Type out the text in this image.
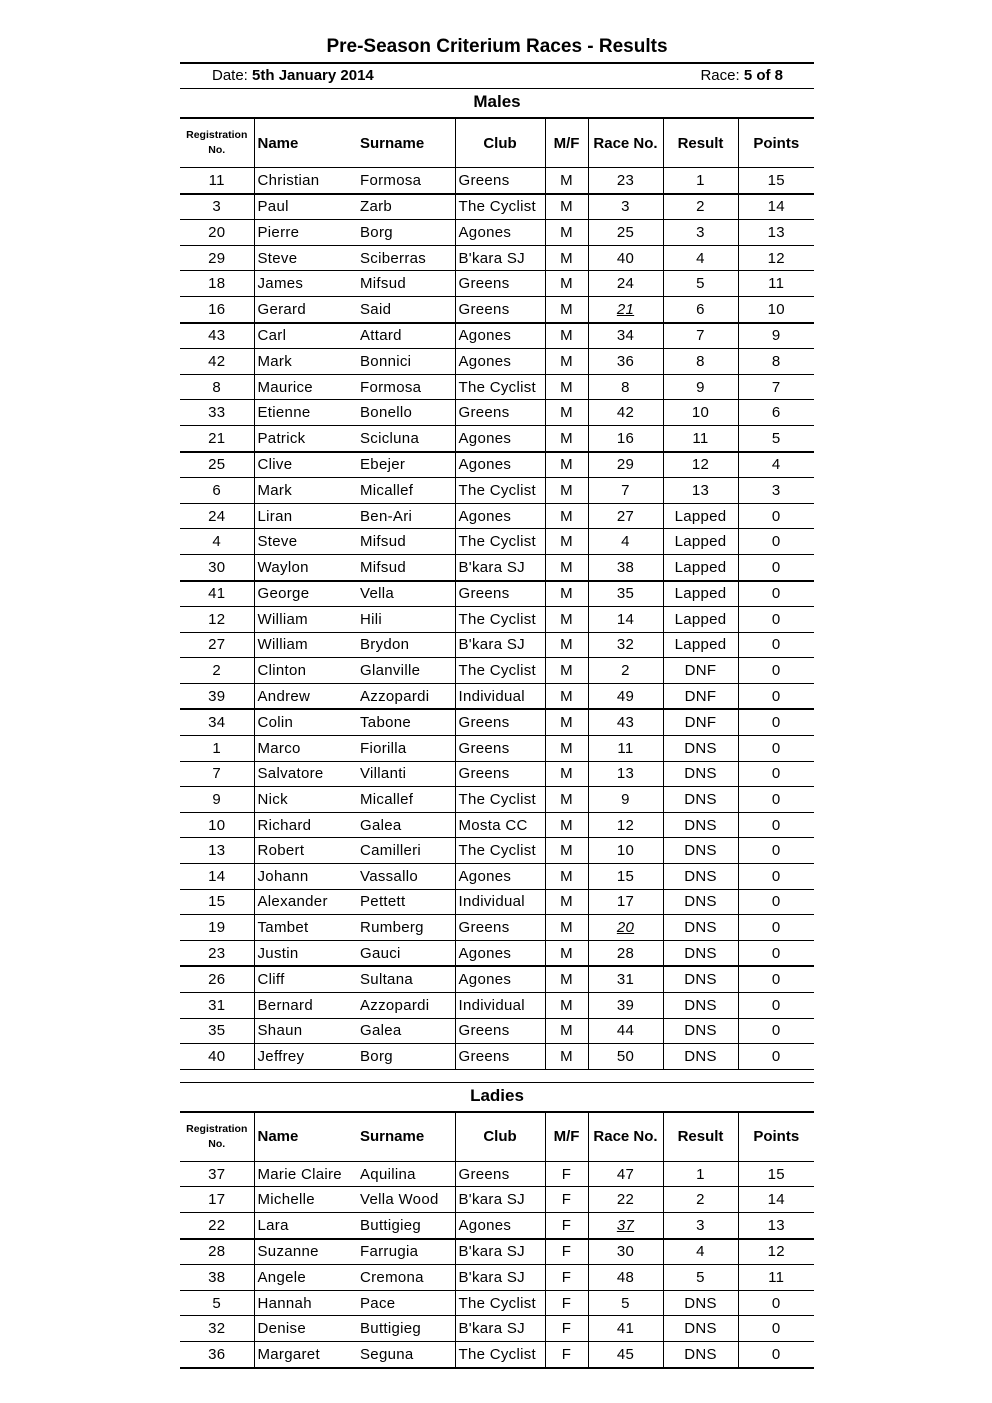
Pre-Season Criterium Races - Results
Date: 5th January 2014	Race: 5 of 8
Males
Registration
No.	Name	Surname	Club	M/F	Race No.	Result	Points
11	Christian	Formosa	Greens	M	23	1	15
3	Paul	Zarb	The Cyclist	M	3	2	14
20	Pierre	Borg	Agones	M	25	3	13
29	Steve	Sciberras	B'kara SJ	M	40	4	12
18	James	Mifsud	Greens	M	24	5	11
16	Gerard	Said	Greens	M	21	6	10
43	Carl	Attard	Agones	M	34	7	9
42	Mark	Bonnici	Agones	M	36	8	8
8	Maurice	Formosa	The Cyclist	M	8	9	7
33	Etienne	Bonello	Greens	M	42	10	6
21	Patrick	Scicluna	Agones	M	16	11	5
25	Clive	Ebejer	Agones	M	29	12	4
6	Mark	Micallef	The Cyclist	M	7	13	3
24	Liran	Ben-Ari	Agones	M	27	Lapped	0
4	Steve	Mifsud	The Cyclist	M	4	Lapped	0
30	Waylon	Mifsud	B'kara SJ	M	38	Lapped	0
41	George	Vella	Greens	M	35	Lapped	0
12	William	Hili	The Cyclist	M	14	Lapped	0
27	William	Brydon	B'kara SJ	M	32	Lapped	0
2	Clinton	Glanville	The Cyclist	M	2	DNF	0
39	Andrew	Azzopardi	Individual	M	49	DNF	0
34	Colin	Tabone	Greens	M	43	DNF	0
1	Marco	Fiorilla	Greens	M	11	DNS	0
7	Salvatore	Villanti	Greens	M	13	DNS	0
9	Nick	Micallef	The Cyclist	M	9	DNS	0
10	Richard	Galea	Mosta CC	M	12	DNS	0
13	Robert	Camilleri	The Cyclist	M	10	DNS	0
14	Johann	Vassallo	Agones	M	15	DNS	0
15	Alexander	Pettett	Individual	M	17	DNS	0
19	Tambet	Rumberg	Greens	M	20	DNS	0
23	Justin	Gauci	Agones	M	28	DNS	0
26	Cliff	Sultana	Agones	M	31	DNS	0
31	Bernard	Azzopardi	Individual	M	39	DNS	0
35	Shaun	Galea	Greens	M	44	DNS	0
40	Jeffrey	Borg	Greens	M	50	DNS	0
Ladies
Registration
No.	Name	Surname	Club	M/F	Race No.	Result	Points
37	Marie Claire	Aquilina	Greens	F	47	1	15
17	Michelle	Vella Wood	B'kara SJ	F	22	2	14
22	Lara	Buttigieg	Agones	F	37	3	13
28	Suzanne	Farrugia	B'kara SJ	F	30	4	12
38	Angele	Cremona	B'kara SJ	F	48	5	11
5	Hannah	Pace	The Cyclist	F	5	DNS	0
32	Denise	Buttigieg	B'kara SJ	F	41	DNS	0
36	Margaret	Seguna	The Cyclist	F	45	DNS	0
